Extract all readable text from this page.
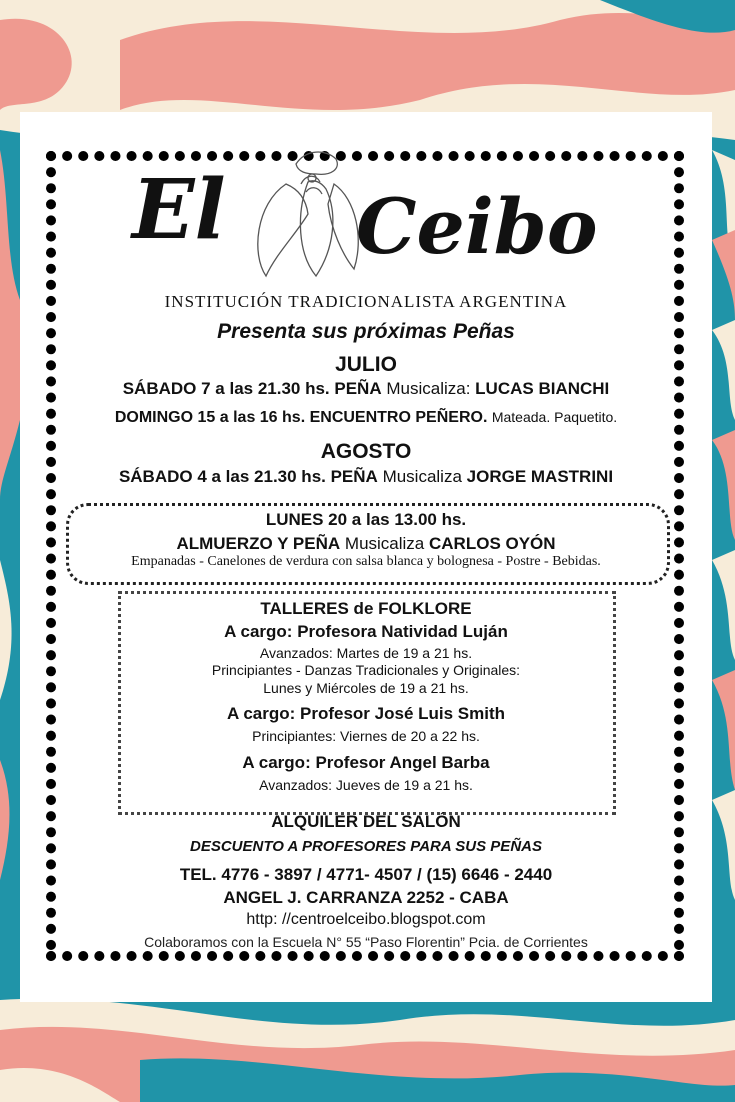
El Ceibo
INSTITUCIÓN TRADICIONALISTA ARGENTINA
Presenta sus próximas Peñas
JULIO
SÁBADO 7 a las 21.30 hs. PEÑA Musicaliza: LUCAS BIANCHI
DOMINGO 15 a las 16 hs. ENCUENTRO PEÑERO. Mateada. Paquetito.
AGOSTO
SÁBADO 4 a las 21.30 hs. PEÑA Musicaliza JORGE MASTRINI
LUNES 20 a las 13.00 hs.
ALMUERZO Y PEÑA Musicaliza CARLOS OYÓN
Empanadas - Canelones de verdura con salsa blanca y bolognesa - Postre - Bebidas.
TALLERES de FOLKLORE
A cargo: Profesora Natividad Luján
Avanzados: Martes de 19 a 21 hs.
Principiantes - Danzas Tradicionales y Originales:
Lunes y Miércoles de 19 a 21 hs.
A cargo: Profesor José Luis Smith
Principiantes: Viernes de 20 a 22 hs.
A cargo: Profesor Angel Barba
Avanzados: Jueves de 19 a 21 hs.
ALQUILER DEL SALÓN
DESCUENTO A PROFESORES PARA SUS PEÑAS
TEL. 4776 - 3897 / 4771- 4507 / (15) 6646 - 2440
ANGEL J. CARRANZA 2252 - CABA
http: //centroelceibo.blogspot.com
Colaboramos con la Escuela N° 55 “Paso Florentin” Pcia. de Corrientes
